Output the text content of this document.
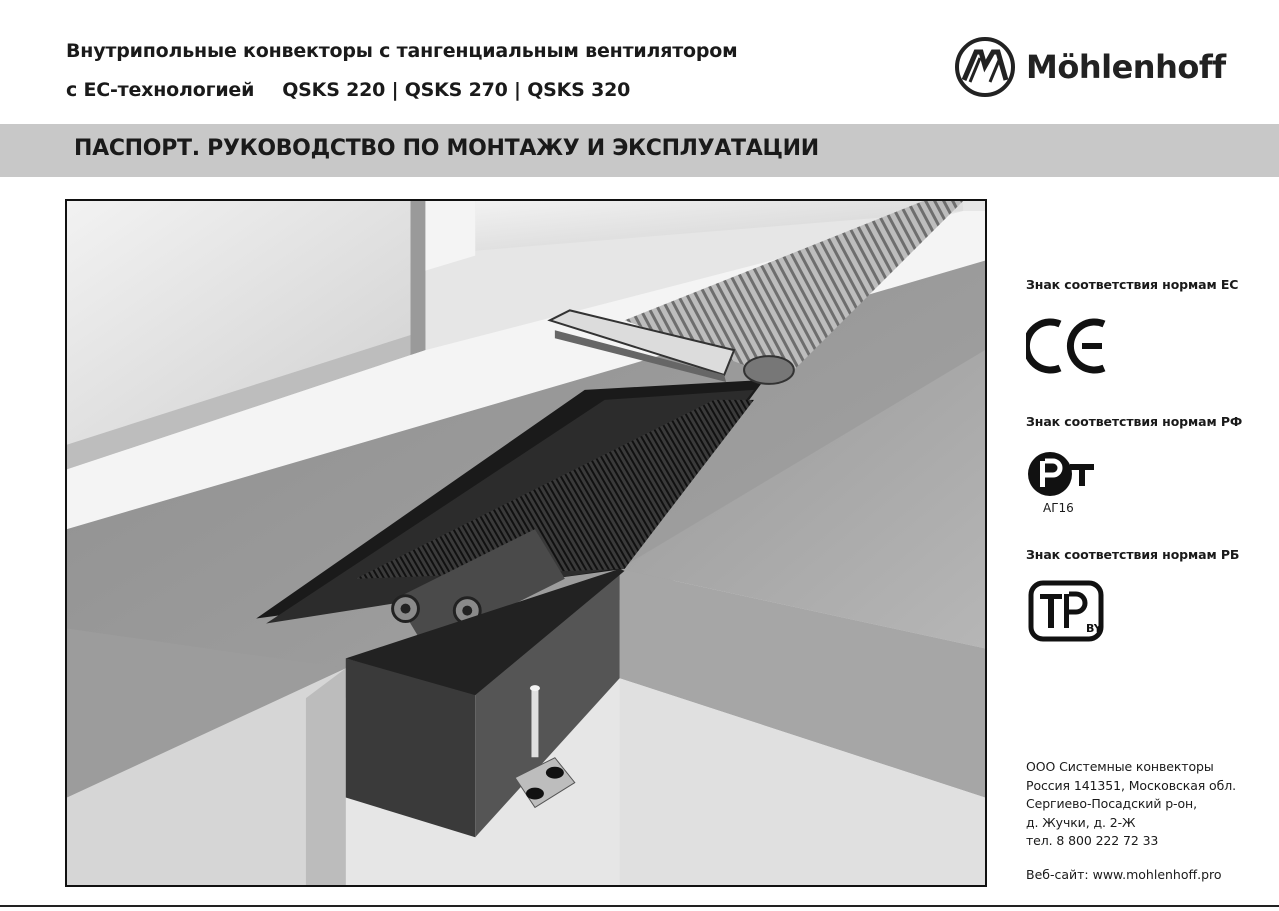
Внутрипольные конвекторы с тангенциальным вентилятором
с ЕС-технологией QSKS 220 | QSKS 270 | QSKS 320
Möhlenhoff
ПАСПОРТ. РУКОВОДСТВО ПО МОНТАЖУ И ЭКСПЛУАТАЦИИ
Знак соответствия нормам ЕС
Знак соответствия нормам РФ
АГ16
Знак соответствия нормам РБ
BY
ООО Системные конвекторы
Россия 141351, Московская обл.
Сергиево-Посадский р-он,
д. Жучки, д. 2-Ж
тел. 8 800 222 72 33
Веб-сайт: www.mohlenhoff.pro
